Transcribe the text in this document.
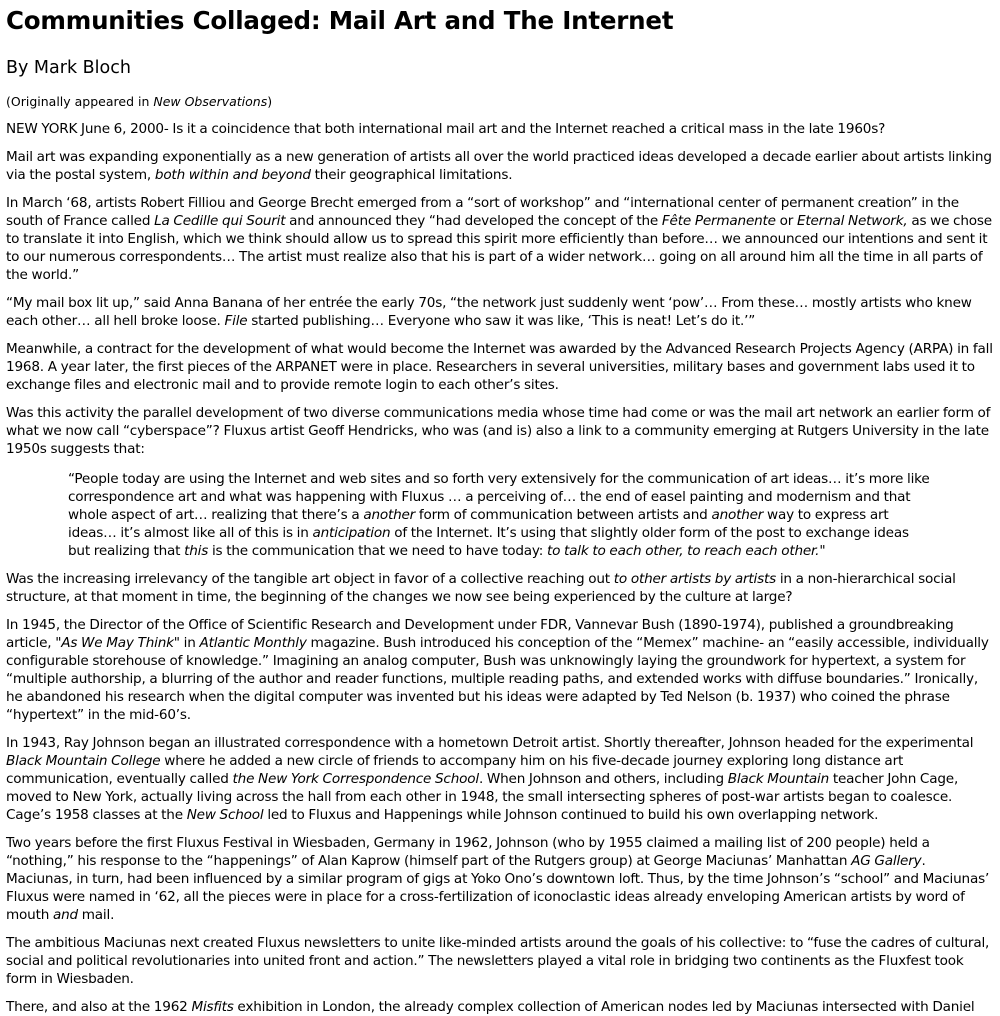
Communities Collaged: Mail Art and The Internet
By Mark Bloch
(Originally appeared in New Observations)

NEW YORK June 6, 2000- Is it a coincidence that both international mail art and the Internet reached a critical mass in the late 1960s?

Mail art was expanding exponentially as a new generation of artists all over the world practiced ideas developed a decade earlier about artists linking via the postal system, both within and beyond their geographical limitations.

In March ‘68, artists Robert Filliou and George Brecht emerged from a “sort of workshop” and “international center of permanent creation” in the south of France called La Cedille qui Sourit and announced they “had developed the concept of the Fête Permanente or Eternal Network, as we chose to translate it into English, which we think should allow us to spread this spirit more efficiently than before… we announced our intentions and sent it to our numerous correspondents… The artist must realize also that his is part of a wider network… going on all around him all the time in all parts of the world.”

“My mail box lit up,” said Anna Banana of her entrée the early 70s, “the network just suddenly went ‘pow’… From these… mostly artists who knew each other… all hell broke loose. File started publishing… Everyone who saw it was like, ‘This is neat! Let’s do it.’”

Meanwhile, a contract for the development of what would become the Internet was awarded by the Advanced Research Projects Agency (ARPA) in fall 1968. A year later, the first pieces of the ARPANET were in place. Researchers in several universities, military bases and government labs used it to exchange files and electronic mail and to provide remote login to each other’s sites.

Was this activity the parallel development of two diverse communications media whose time had come or was the mail art network an earlier form of what we now call “cyberspace”? Fluxus artist Geoff Hendricks, who was (and is) also a link to a community emerging at Rutgers University in the late 1950s suggests that:

“People today are using the Internet and web sites and so forth very extensively for the communication of art ideas… it’s more like correspondence art and what was happening with Fluxus … a perceiving of… the end of easel painting and modernism and that whole aspect of art… realizing that there’s a another form of communication between artists and another way to express art ideas… it’s almost like all of this is in anticipation of the Internet. It’s using that slightly older form of the post to exchange ideas but realizing that this is the communication that we need to have today: to talk to each other, to reach each other."

Was the increasing irrelevancy of the tangible art object in favor of a collective reaching out to other artists by artists in a non-hierarchical social structure, at that moment in time, the beginning of the changes we now see being experienced by the culture at large?

In 1945, the Director of the Office of Scientific Research and Development under FDR, Vannevar Bush (1890-1974), published a groundbreaking article, "As We May Think" in Atlantic Monthly magazine. Bush introduced his conception of the “Memex” machine- an “easily accessible, individually configurable storehouse of knowledge.” Imagining an analog computer, Bush was unknowingly laying the groundwork for hypertext, a system for “multiple authorship, a blurring of the author and reader functions, multiple reading paths, and extended works with diffuse boundaries.” Ironically, he abandoned his research when the digital computer was invented but his ideas were adapted by Ted Nelson (b. 1937) who coined the phrase “hypertext” in the mid-60’s.

In 1943, Ray Johnson began an illustrated correspondence with a hometown Detroit artist. Shortly thereafter, Johnson headed for the experimental Black Mountain College where he added a new circle of friends to accompany him on his five-decade journey exploring long distance art communication, eventually called the New York Correspondence School. When Johnson and others, including Black Mountain teacher John Cage, moved to New York, actually living across the hall from each other in 1948, the small intersecting spheres of post-war artists began to coalesce. Cage’s 1958 classes at the New School led to Fluxus and Happenings while Johnson continued to build his own overlapping network.

Two years before the first Fluxus Festival in Wiesbaden, Germany in 1962, Johnson (who by 1955 claimed a mailing list of 200 people) held a “nothing,” his response to the “happenings” of Alan Kaprow (himself part of the Rutgers group) at George Maciunas’ Manhattan AG Gallery. Maciunas, in turn, had been influenced by a similar program of gigs at Yoko Ono’s downtown loft. Thus, by the time Johnson’s “school” and Maciunas’ Fluxus were named in ‘62, all the pieces were in place for a cross-fertilization of iconoclastic ideas already enveloping American artists by word of mouth and mail.

The ambitious Maciunas next created Fluxus newsletters to unite like-minded artists around the goals of his collective: to “fuse the cadres of cultural, social and political revolutionaries into united front and action.” The newsletters played a vital role in bridging two continents as the Fluxfest took form in Wiesbaden.

There, and also at the 1962 Misfits exhibition in London, the already complex collection of American nodes led by Maciunas intersected with Daniel
